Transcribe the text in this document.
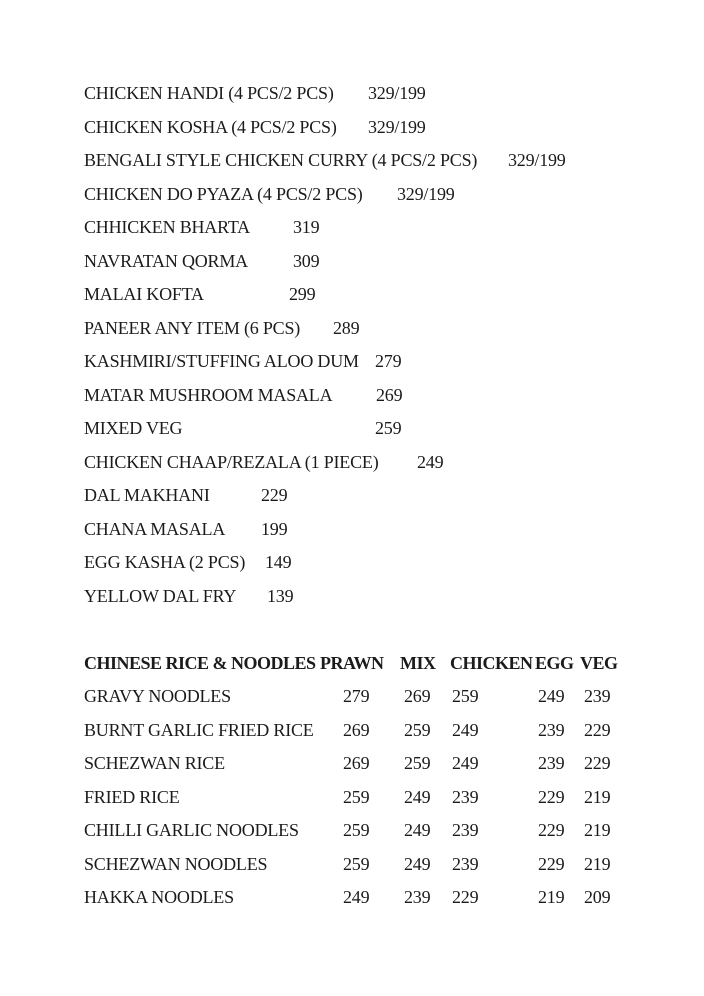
CHICKEN HANDI (4 PCS/2 PCS) 329/199
CHICKEN KOSHA (4 PCS/2 PCS) 329/199
BENGALI STYLE CHICKEN CURRY (4 PCS/2 PCS) 329/199
CHICKEN DO PYAZA (4 PCS/2 PCS) 329/199
CHHICKEN BHARTA 319
NAVRATAN QORMA	309
MALAI KOFTA	299
PANEER ANY ITEM (6 PCS) 289
KASHMIRI/STUFFING ALOO DUM 279
MATAR MUSHROOM MASALA 269
MIXED VEG	259
CHICKEN CHAAP/REZALA (1 PIECE) 249
DAL MAKHANI	229
CHANA MASALA 199
EGG KASHA (2 PCS) 149
YELLOW DAL FRY 139
CHINESE RICE & NOODLES PRAWN MIX CHICKEN EGG VEG
GRAVY NOODLES	279	269	259	249	239
BURNT GARLIC FRIED RICE	269	259	249	239	229
SCHEZWAN RICE	269	259	249	239	229
FRIED RICE	259	249	239	229	219
CHILLI GARLIC NOODLES	259	249	239	229	219
SCHEZWAN NOODLES	259	249	239	229	219
HAKKA NOODLES	249	239	229	219	209
